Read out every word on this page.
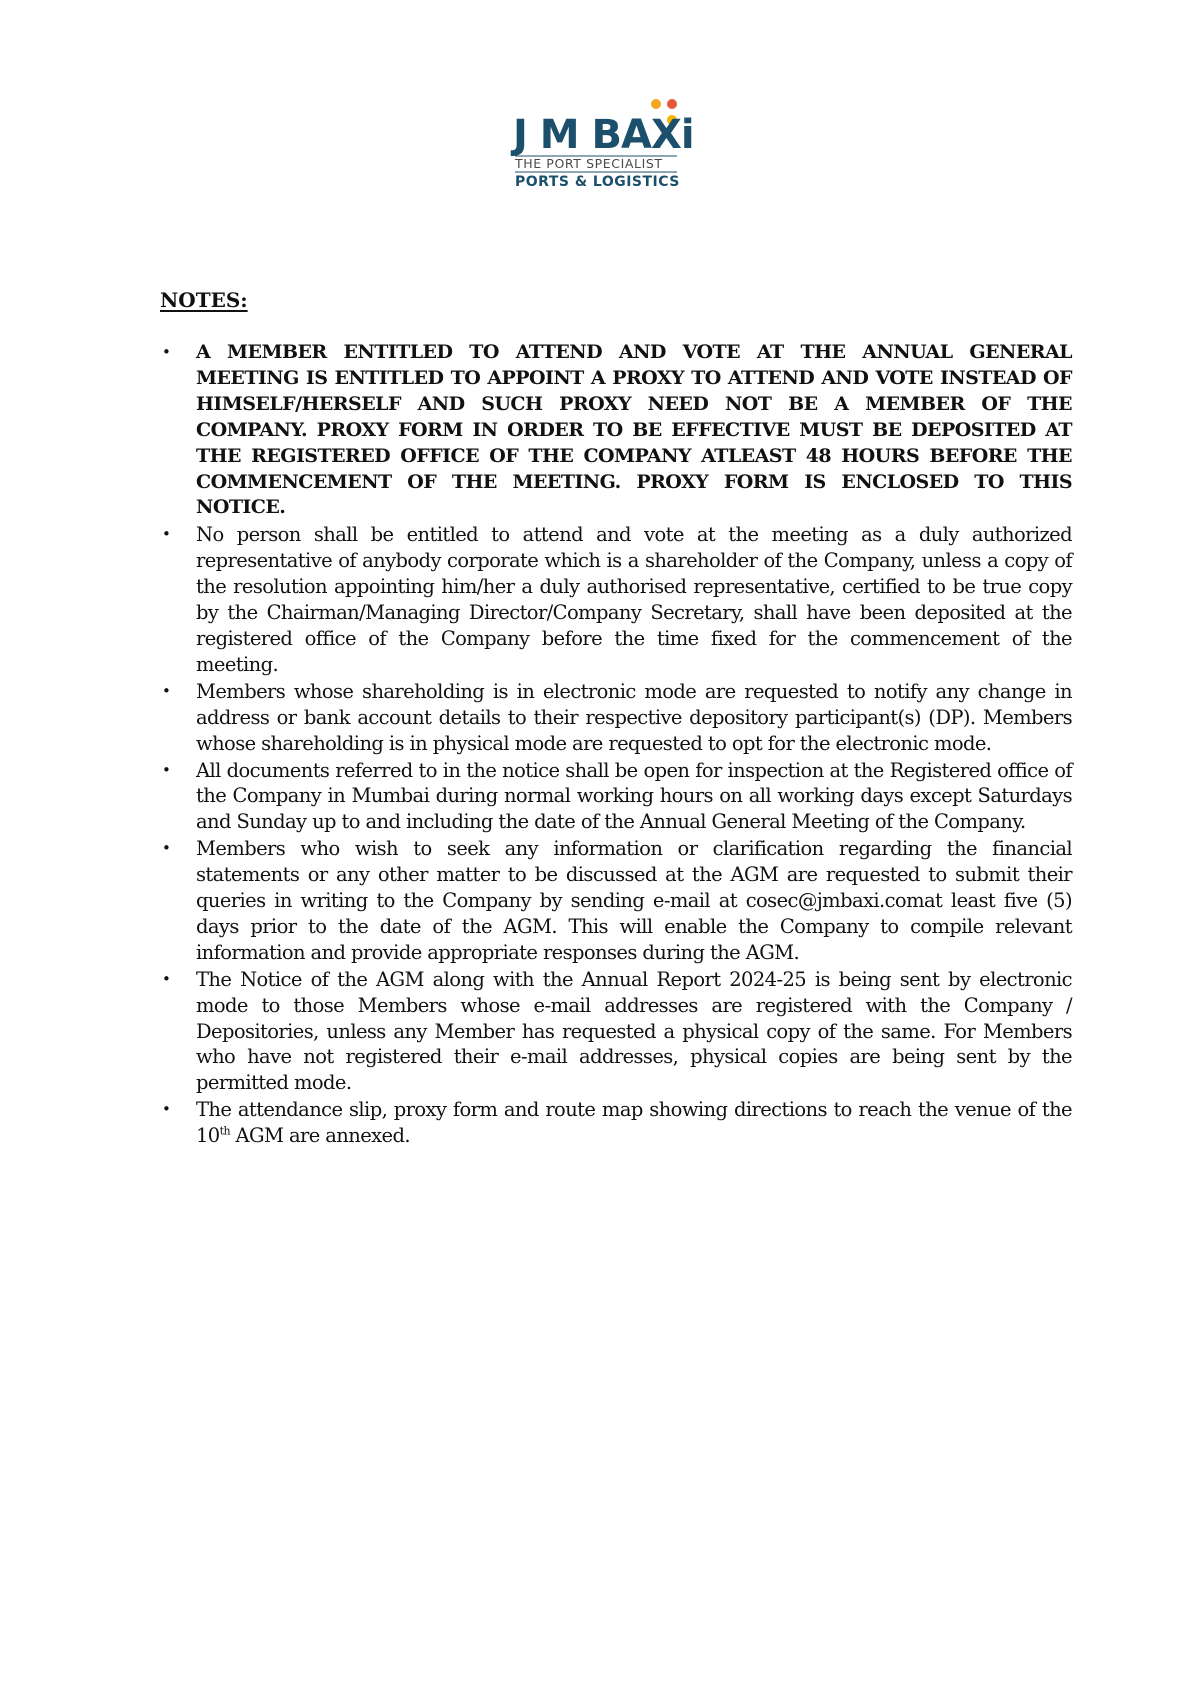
J M BAXi
THE PORT SPECIALIST
PORTS & LOGISTICS
NOTES:
• A MEMBER ENTITLED TO ATTEND AND VOTE AT THE ANNUAL GENERAL MEETING IS ENTITLED TO APPOINT A PROXY TO ATTEND AND VOTE INSTEAD OF HIMSELF/HERSELF AND SUCH PROXY NEED NOT BE A MEMBER OF THE COMPANY. PROXY FORM IN ORDER TO BE EFFECTIVE MUST BE DEPOSITED AT THE REGISTERED OFFICE OF THE COMPANY ATLEAST 48 HOURS BEFORE THE COMMENCEMENT OF THE MEETING. PROXY FORM IS ENCLOSED TO THIS NOTICE.
• No person shall be entitled to attend and vote at the meeting as a duly authorized representative of anybody corporate which is a shareholder of the Company, unless a copy of the resolution appointing him/her a duly authorised representative, certified to be true copy by the Chairman/Managing Director/Company Secretary, shall have been deposited at the registered office of the Company before the time fixed for the commencement of the meeting.
• Members whose shareholding is in electronic mode are requested to notify any change in address or bank account details to their respective depository participant(s) (DP). Members whose shareholding is in physical mode are requested to opt for the electronic mode.
• All documents referred to in the notice shall be open for inspection at the Registered office of the Company in Mumbai during normal working hours on all working days except Saturdays and Sunday up to and including the date of the Annual General Meeting of the Company.
• Members who wish to seek any information or clarification regarding the financial statements or any other matter to be discussed at the AGM are requested to submit their queries in writing to the Company by sending e-mail at cosec@jmbaxi.comat least five (5) days prior to the date of the AGM. This will enable the Company to compile relevant information and provide appropriate responses during the AGM.
• The Notice of the AGM along with the Annual Report 2024-25 is being sent by electronic mode to those Members whose e-mail addresses are registered with the Company / Depositories, unless any Member has requested a physical copy of the same. For Members who have not registered their e-mail addresses, physical copies are being sent by the permitted mode.
• The attendance slip, proxy form and route map showing directions to reach the venue of the 10th AGM are annexed.
